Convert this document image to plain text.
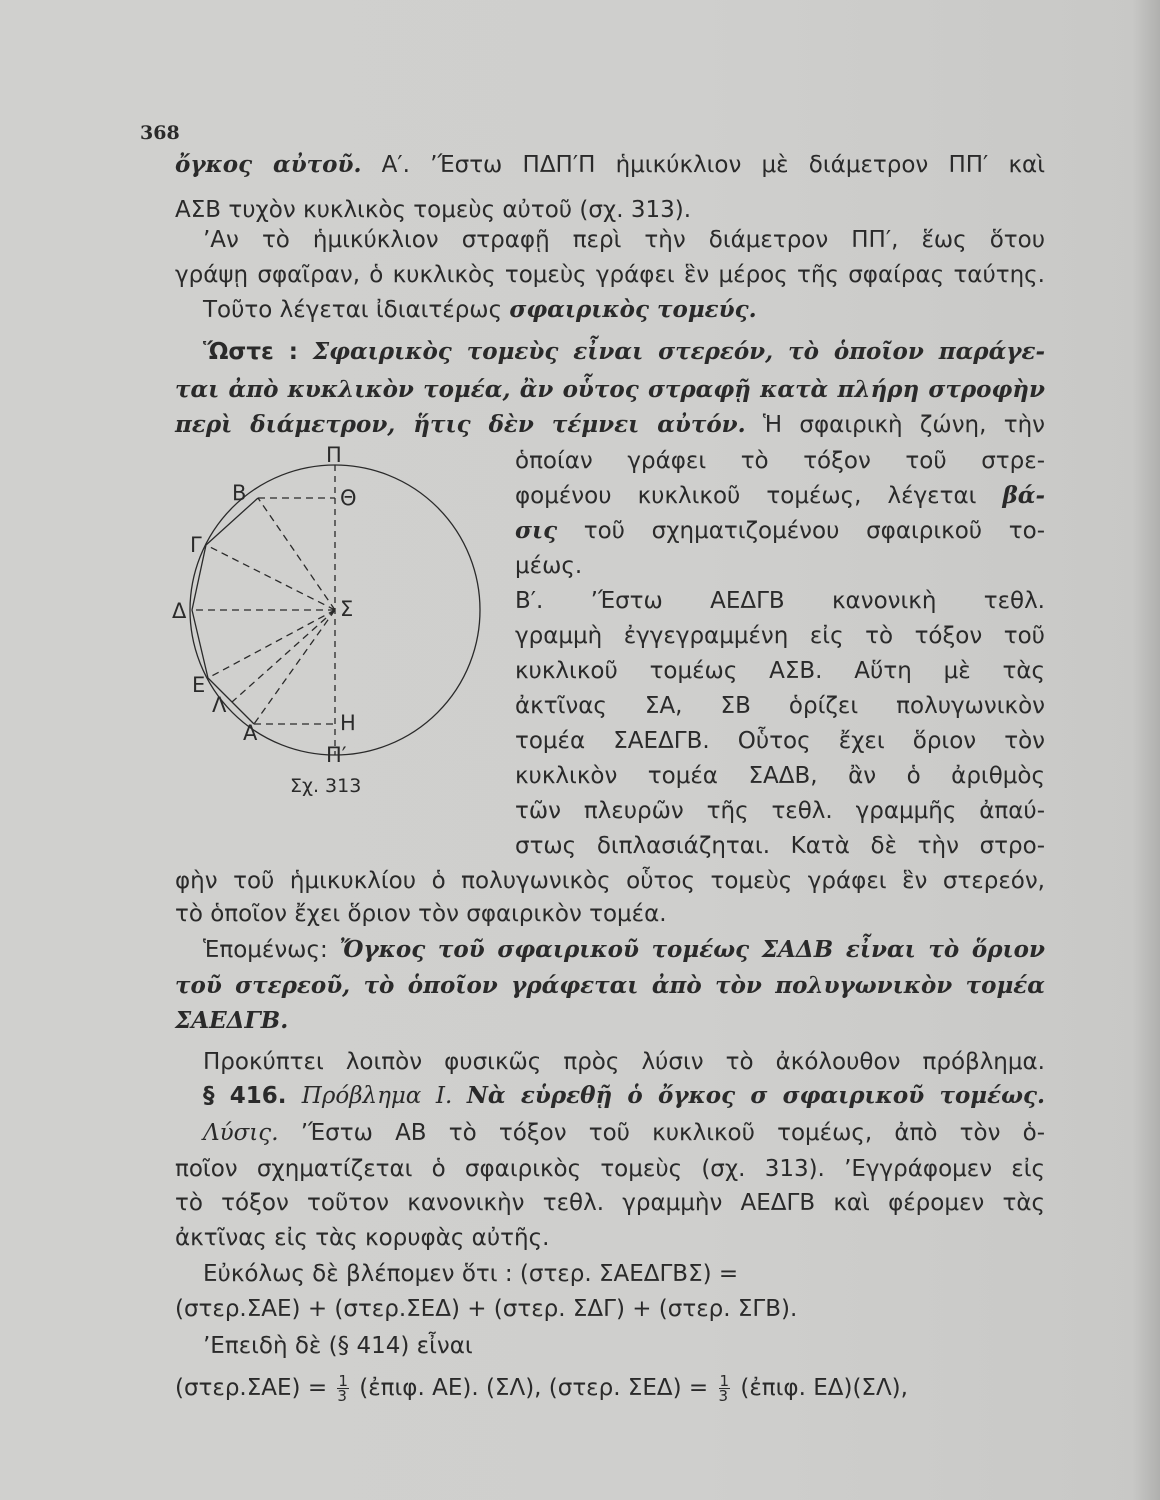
368
ὄγκος αὐτοῦ. Α′. ’Έστω ΠΔΠ′Π ἡμικύκλιον μὲ διάμετρον ΠΠ′ καὶ
ΑΣΒ τυχὸν κυκλικὸς τομεὺς αὐτοῦ (σχ. 313).
’Αν τὸ ἡμικύκλιον στραφῇ περὶ τὴν διάμετρον ΠΠ′, ἕως ὅτου
γράψῃ σφαῖραν, ὁ κυκλικὸς τομεὺς γράφει ἓν μέρος τῆς σφαίρας ταύτης.
Τοῦτο λέγεται ἰδιαιτέρως σφαιρικὸς τομεύς.
Ὥστε : Σφαιρικὸς τομεὺς εἶναι στερεόν, τὸ ὁποῖον παράγε-
ται ἀπὸ κυκλικὸν τομέα, ἂν οὗτος στραφῇ κατὰ πλήρη στροφὴν
περὶ διάμετρον, ἥτις δὲν τέμνει αὐτόν. Ἡ σφαιρικὴ ζώνη, τὴν
ὁποίαν γράφει τὸ τόξον τοῦ στρε-
φομένου κυκλικοῦ τομέως, λέγεται βά-
σις τοῦ σχηματιζομένου σφαιρικοῦ το-
μέως.
Β′. ’Έστω ΑΕΔΓΒ κανονικὴ τεθλ.
γραμμὴ ἐγγεγραμμένη εἰς τὸ τόξον τοῦ
κυκλικοῦ τομέως ΑΣΒ. Αὕτη μὲ τὰς
ἀκτῖνας ΣΑ, ΣΒ ὁρίζει πολυγωνικὸν
τομέα ΣΑΕΔΓΒ. Οὗτος ἔχει ὅριον τὸν
κυκλικὸν τομέα ΣΑΔΒ, ἂν ὁ ἀριθμὸς
τῶν πλευρῶν τῆς τεθλ. γραμμῆς ἀπαύ-
στως διπλασιάζηται. Κατὰ δὲ τὴν στρο-
Π
Θ
Β
Γ
Δ	Σ
Ε
Λ
Α	Η
Π′
Σχ. 313
φὴν τοῦ ἡμικυκλίου ὁ πολυγωνικὸς οὗτος τομεὺς γράφει ἓν στερεόν,
τὸ ὁποῖον ἔχει ὅριον τὸν σφαιρικὸν τομέα.
Ἑπομένως: Ὄγκος τοῦ σφαιρικοῦ τομέως ΣΑΔΒ εἶναι τὸ ὅριον
τοῦ στερεοῦ, τὸ ὁποῖον γράφεται ἀπὸ τὸν πολυγωνικὸν τομέα
ΣΑΕΔΓΒ.
Προκύπτει λοιπὸν φυσικῶς πρὸς λύσιν τὸ ἀκόλουθον πρόβλημα.
§ 416. Πρόβλημα Ι. Νὰ εὑρεθῇ ὁ ὄγκος σ σφαιρικοῦ τομέως.
Λύσις. ’Έστω ΑΒ τὸ τόξον τοῦ κυκλικοῦ τομέως, ἀπὸ τὸν ὁ-
ποῖον σχηματίζεται ὁ σφαιρικὸς τομεὺς (σχ. 313). ’Εγγράφομεν εἰς
τὸ τόξον τοῦτον κανονικὴν τεθλ. γραμμὴν ΑΕΔΓΒ καὶ φέρομεν τὰς
ἀκτῖνας εἰς τὰς κορυφὰς αὐτῆς.
Εὐκόλως δὲ βλέπομεν ὅτι : (στερ. ΣΑΕΔΓΒΣ) =
(στερ.ΣΑΕ) + (στερ.ΣΕΔ) + (στερ. ΣΔΓ) + (στερ. ΣΓΒ).
’Επειδὴ δὲ (§ 414) εἶναι
$(\sigma\tau\varepsilon\rho.\Sigma AE) = \frac{1}{3}$ (ἐπιφ. ΑΕ). (ΣΛ), (στερ. $\Sigma E\Delta) = \frac{1}{3}$ (ἐπιφ. ΕΔ)(ΣΛ),
